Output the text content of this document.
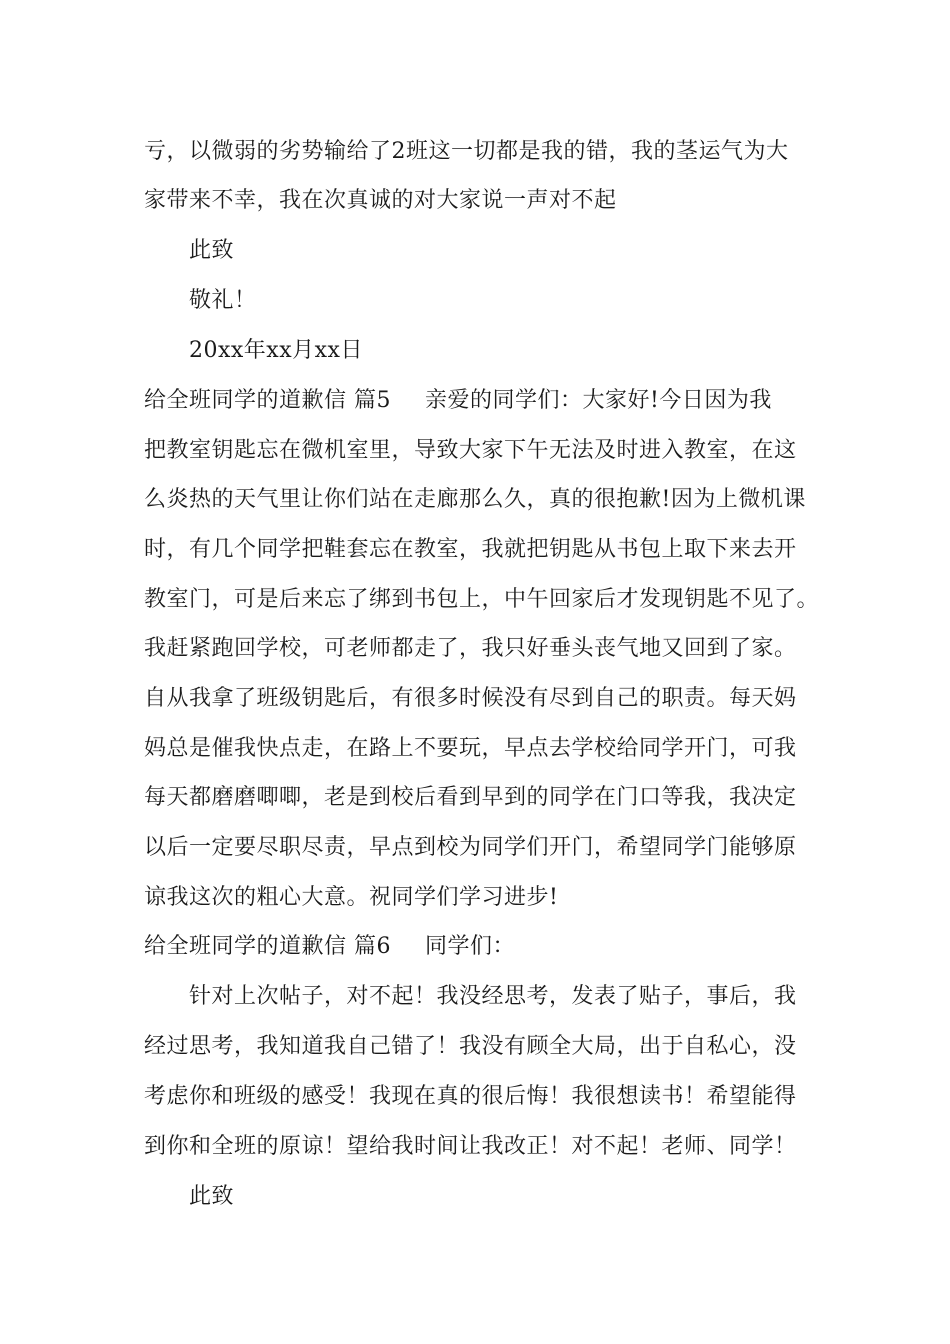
亏，以微弱的劣势输给了2班这一切都是我的错，我的茎运气为大
家带来不幸，我在次真诚的对大家说一声对不起
此致
敬礼！
20xx年xx月xx日
给全班同学的道歉信 篇5 亲爱的同学们：大家好!今日因为我
把教室钥匙忘在微机室里，导致大家下午无法及时进入教室，在这
么炎热的天气里让你们站在走廊那么久，真的很抱歉!因为上微机课
时，有几个同学把鞋套忘在教室，我就把钥匙从书包上取下来去开
教室门，可是后来忘了绑到书包上，中午回家后才发现钥匙不见了。
我赶紧跑回学校，可老师都走了，我只好垂头丧气地又回到了家。
自从我拿了班级钥匙后，有很多时候没有尽到自己的职责。每天妈
妈总是催我快点走，在路上不要玩，早点去学校给同学开门，可我
每天都磨磨唧唧，老是到校后看到早到的同学在门口等我，我决定
以后一定要尽职尽责，早点到校为同学们开门，希望同学门能够原
谅我这次的粗心大意。祝同学们学习进步!
给全班同学的道歉信 篇6 同学们：
针对上次帖子，对不起！我没经思考，发表了贴子，事后，我
经过思考，我知道我自己错了！我没有顾全大局，出于自私心，没
考虑你和班级的感受！我现在真的很后悔！我很想读书！希望能得
到你和全班的原谅！望给我时间让我改正！对不起！老师、同学！
此致
